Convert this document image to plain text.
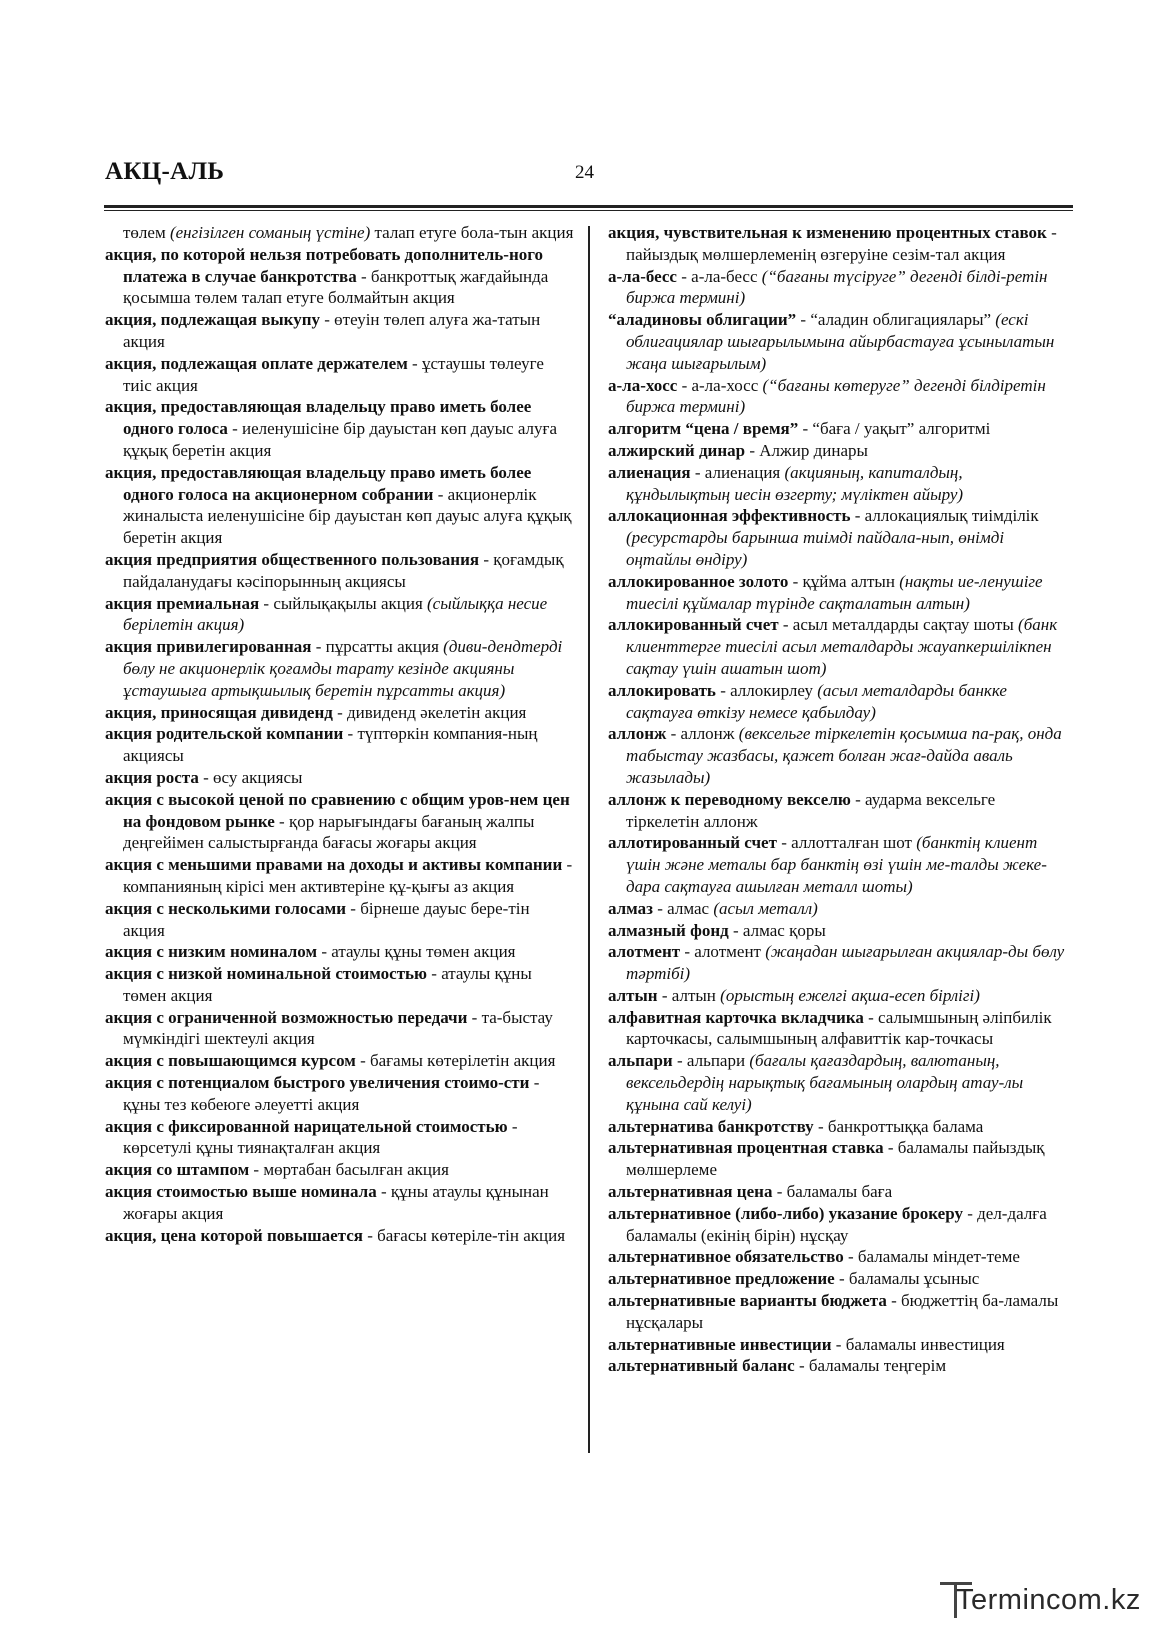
АКЦ-АЛЬ	24
төлем (енгізілген соманың үстіне) талап етуге бола-тын акция
акция, по которой нельзя потребовать дополнитель-ного платежа в случае банкротства - банкроттық жағдайында қосымша төлем талап етуге болмайтын акция
акция, подлежащая выкупу - өтеуін төлеп алуға жа-татын акция
акция, подлежащая оплате держателем - ұстаушы төлеуге тиіс акция
акция, предоставляющая владельцу право иметь более одного голоса - иеленушісіне бір дауыстан көп дауыс алуға құқық беретін акция
акция, предоставляющая владельцу право иметь более одного голоса на акционерном собрании - акционерлік жиналыста иеленушісіне бір дауыстан көп дауыс алуға құқық беретін акция
акция предприятия общественного пользования - қоғамдық пайдаланудағы кәсіпорынның акциясы
акция премиальная - сыйлықақылы акция (сыйлыққа несие берілетін акция)
акция привилегированная - пұрсатты акция (диви-дендтерді бөлу не акционерлік қоғамды тарату кезінде акцияны ұстаушыға артықшылық беретін пұрсатты акция)
акция, приносящая дивиденд - дивиденд әкелетін акция
акция родительской компании - түптөркін компания-ның акциясы
акция роста - өсу акциясы
акция с высокой ценой по сравнению с общим уров-нем цен на фондовом рынке - қор нарығындағы бағаның жалпы деңгейімен салыстырғанда бағасы жоғары акция
акция с меньшими правами на доходы и активы компании - компанияның кірісі мен активтеріне құ-қығы аз акция
акция с несколькими голосами - бірнеше дауыс бере-тін акция
акция с низким номиналом - атаулы құны төмен акция
акция с низкой номинальной стоимостью - атаулы құны төмен акция
акция с ограниченной возможностью передачи - та-быстау мүмкіндігі шектеулі акция
акция с повышающимся курсом - бағамы көтерілетін акция
акция с потенциалом быстрого увеличения стоимо-сти - құны тез көбеюге әлеуетті акция
акция с фиксированной нарицательной стоимостью - көрсетулі құны тиянақталған акция
акция со штампом - мөртабан басылған акция
акция стоимостью выше номинала - құны атаулы құнынан жоғары акция
акция, цена которой повышается - бағасы көтеріле-тін акция
акция, чувствительная к изменению процентных ставок - пайыздық мөлшерлеменің өзгеруіне сезім-тал акция
а-ла-бесс - а-ла-бесс (“бағаны түсіруге” дегенді білді-ретін биржа термині)
“аладиновы облигации” - “аладин облигациялары” (ескі облигациялар шығарылымына айырбастауға ұсынылатын жаңа шығарылым)
а-ла-хосс - а-ла-хосс (“бағаны көтеруге” дегенді білдіретін биржа термині)
алгоритм “цена / время” - “баға / уақыт” алгоритмі
алжирский динар - Алжир динары
алиенация - алиенация (акцияның, капиталдың, құндылықтың иесін өзгерту; мүліктен айыру)
аллокационная эффективность - аллокациялық тиімділік (ресурстарды барынша тиімді пайдала-нып, өнімді оңтайлы өндіру)
аллокированное золото - құйма алтын (нақты ие-ленушіге тиесілі құймалар түрінде сақталатын алтын)
аллокированный счет - асыл металдарды сақтау шоты (банк клиенттерге тиесілі асыл металдарды жауапкершілікпен сақтау үшін ашатын шот)
аллокировать - аллокирлеу (асыл металдарды банкке сақтауға өткізу немесе қабылдау)
аллонж - аллонж (вексельге тіркелетін қосымша па-рақ, онда табыстау жазбасы, қажет болған жағ-дайда аваль жазылады)
аллонж к переводному векселю - аударма вексельге тіркелетін аллонж
аллотированный счет - аллотталған шот (банктің клиент үшін және металы бар банктің өзі үшін ме-талды жеке-дара сақтауға ашылған металл шоты)
алмаз - алмас (асыл металл)
алмазный фонд - алмас қоры
алотмент - алотмент (жаңадан шығарылған акциялар-ды бөлу тәртібі)
алтын - алтын (орыстың ежелгі ақша-есеп бірлігі)
алфавитная карточка вкладчика - салымшының әліпбилік карточкасы, салымшының алфавиттік кар-точкасы
альпари - альпари (бағалы қағаздардың, валютаның, вексельдердің нарықтық бағамының олардың атау-лы құнына сай келуі)
альтернатива банкротству - банкроттыққа балама
альтернативная процентная ставка - баламалы пайыздық мөлшерлеме
альтернативная цена - баламалы баға
альтернативное (либо-либо) указание брокеру - дел-далға баламалы (екінің бірін) нұсқау
альтернативное обязательство - баламалы міндет-теме
альтернативное предложение - баламалы ұсыныс
альтернативные варианты бюджета - бюджеттің ба-ламалы нұсқалары
альтернативные инвестиции - баламалы инвестиция
альтернативный баланс - баламалы теңгерім
Termincom.kz
